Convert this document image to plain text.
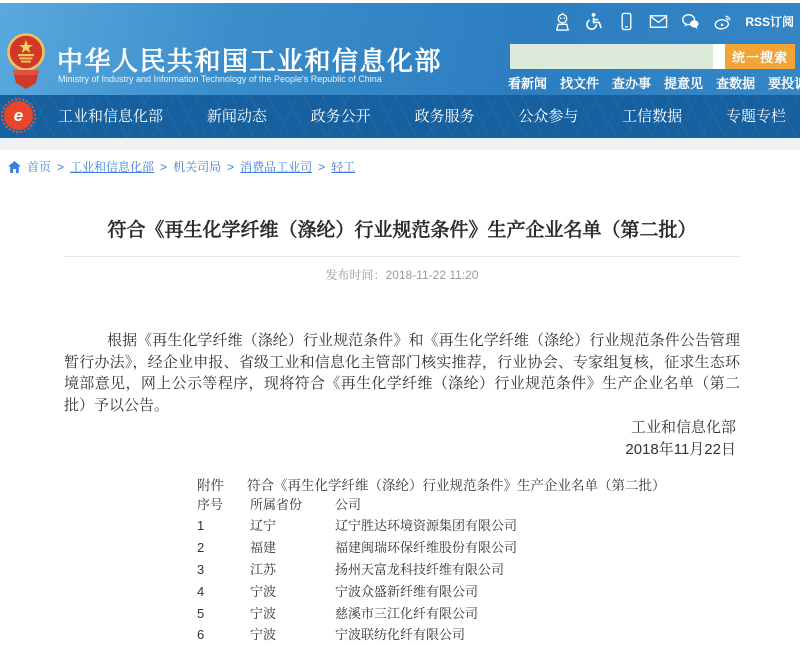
中华人民共和国工业和信息化部
Ministry of Industry and Information Technology of the People's Republic of China
RSS订阅
统一搜索
看新闻 找文件 查办事 提意见 查数据 要投诉
e	工业和信息化部	新闻动态	政务公开	政务服务	公众参与	工信数据	专题专栏
首页 > 工业和信息化部 > 机关司局 > 消费品工业司 > 轻工
符合《再生化学纤维（涤纶）行业规范条件》生产企业名单（第二批）
发布时间：2018-11-22 11:20

根据《再生化学纤维（涤纶）行业规范条件》和《再生化学纤维（涤纶）行业规范条件公告管理暂行办法》，经企业申报、省级工业和信息化主管部门核实推荐，行业协会、专家组复核，征求生态环境部意见，网上公示等程序，现将符合《再生化学纤维（涤纶）行业规范条件》生产企业名单（第二批）予以公告。

工业和信息化部
2018年11月22日
附件 符合《再生化学纤维（涤纶）行业规范条件》生产企业名单（第二批）
序号	所属省份	公司
1	辽宁	辽宁胜达环境资源集团有限公司
2	福建	福建闽瑞环保纤维股份有限公司
3	江苏	扬州天富龙科技纤维有限公司
4	宁波	宁波众盛新纤维有限公司
5	宁波	慈溪市三江化纤有限公司
6	宁波	宁波联纺化纤有限公司
